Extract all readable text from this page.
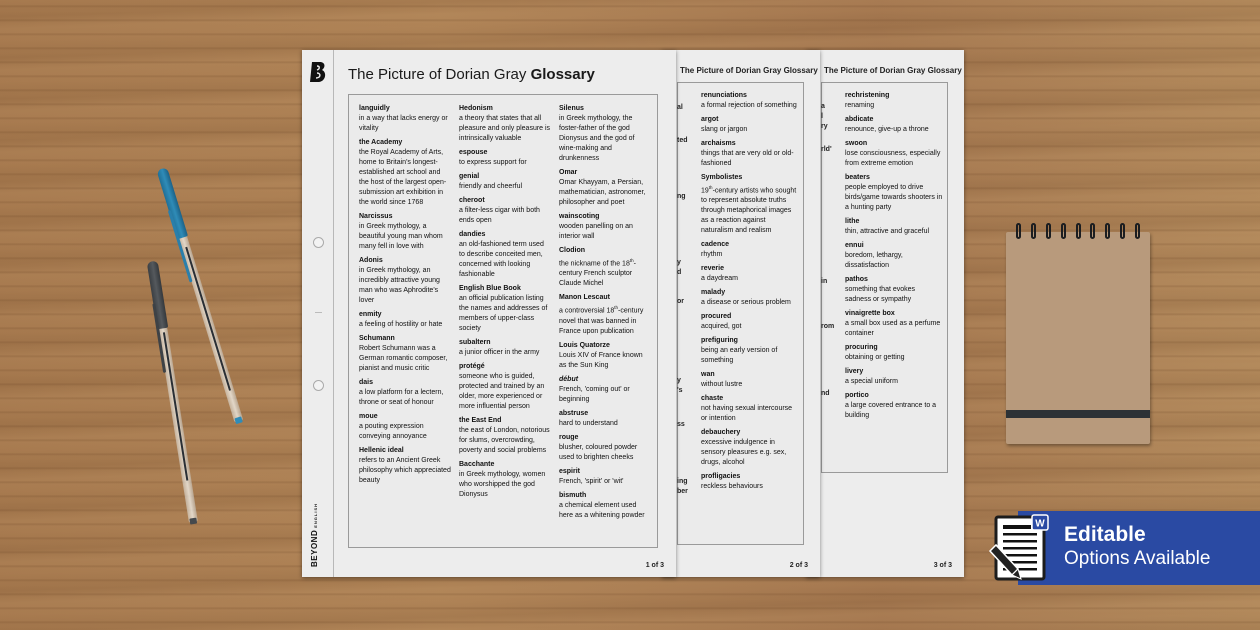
The Picture of Dorian Gray Glossary
rechristening
renaming
abdicate
renounce, give-up a throne
swoon
lose consciousness, especially from extreme emotion
beaters
people employed to drive birds/game towards shooters in a hunting party
lithe
thin, attractive and graceful
ennui
boredom, lethargy, dissatisfaction
pathos
something that evokes sadness or sympathy
vinaigrette box
a small box used as a perfume container
procuring
obtaining or getting
livery
a special uniform
portico
a large covered entrance to a building
3 of 3
The Picture of Dorian Gray Glossary
renunciations
a formal rejection of something
argot
slang or jargon
archaisms
things that are very old or old-fashioned
Symbolistes
19th-century artists who sought to represent absolute truths through metaphorical images as a reaction against naturalism and realism
cadence
rhythm
reverie
a daydream
malady
a disease or serious problem
procured
acquired, got
prefiguring
being an early version of something
wan
without lustre
chaste
not having sexual intercourse or intention
debauchery
excessive indulgence in sensory pleasures e.g. sex, drugs, alcohol
profligacies
reckless behaviours
2 of 3
a
l
ry
rld'
in
rom
nd
BEYONDENGLISH
The Picture of Dorian Gray Glossary
languidly
in a way that lacks energy or vitality
the Academy
the Royal Academy of Arts, home to Britain's longest-established art school and the host of the largest open-submission art exhibition in the world since 1768
Narcissus
in Greek mythology, a beautiful young man whom many fell in love with
Adonis
in Greek mythology, an incredibly attractive young man who was Aphrodite's lover
enmity
a feeling of hostility or hate
Schumann
Robert Schumann was a German romantic composer, pianist and music critic
dais
a low platform for a lectern, throne or seat of honour
moue
a pouting expression conveying annoyance
Hellenic ideal
refers to an Ancient Greek philosophy which appreciated beauty
Hedonism
a theory that states that all pleasure and only pleasure is intrinsically valuable
espouse
to express support for
genial
friendly and cheerful
cheroot
a filter-less cigar with both ends open
dandies
an old-fashioned term used to describe conceited men, concerned with looking fashionable
English Blue Book
an official publication listing the names and addresses of members of upper-class society
subaltern
a junior officer in the army
protégé
someone who is guided, protected and trained by an older, more experienced or more influential person
the East End
the east of London, notorious for slums, overcrowding, poverty and social problems
Bacchante
in Greek mythology, women who worshipped the god Dionysus
Silenus
in Greek mythology, the foster-father of the god Dionysus and the god of wine-making and drunkenness
Omar
Omar Khayyam, a Persian, mathematician, astronomer, philosopher and poet
wainscoting
wooden panelling on an interior wall
Clodion
the nickname of the 18th-century French sculptor Claude Michel
Manon Lescaut
a controversial 18th-century novel that was banned in France upon publication
Louis Quatorze
Louis XIV of France known as the Sun King
début
French, 'coming out' or beginning
abstruse
hard to understand
rouge
blusher, coloured powder used to brighten cheeks
espirit
French, 'spirit' or 'wit'
bismuth
a chemical element used here as a whitening powder
1 of 3
al
ted
ng
y
d
or
y
's
ss
ing
ber
W Editable
Options Available
